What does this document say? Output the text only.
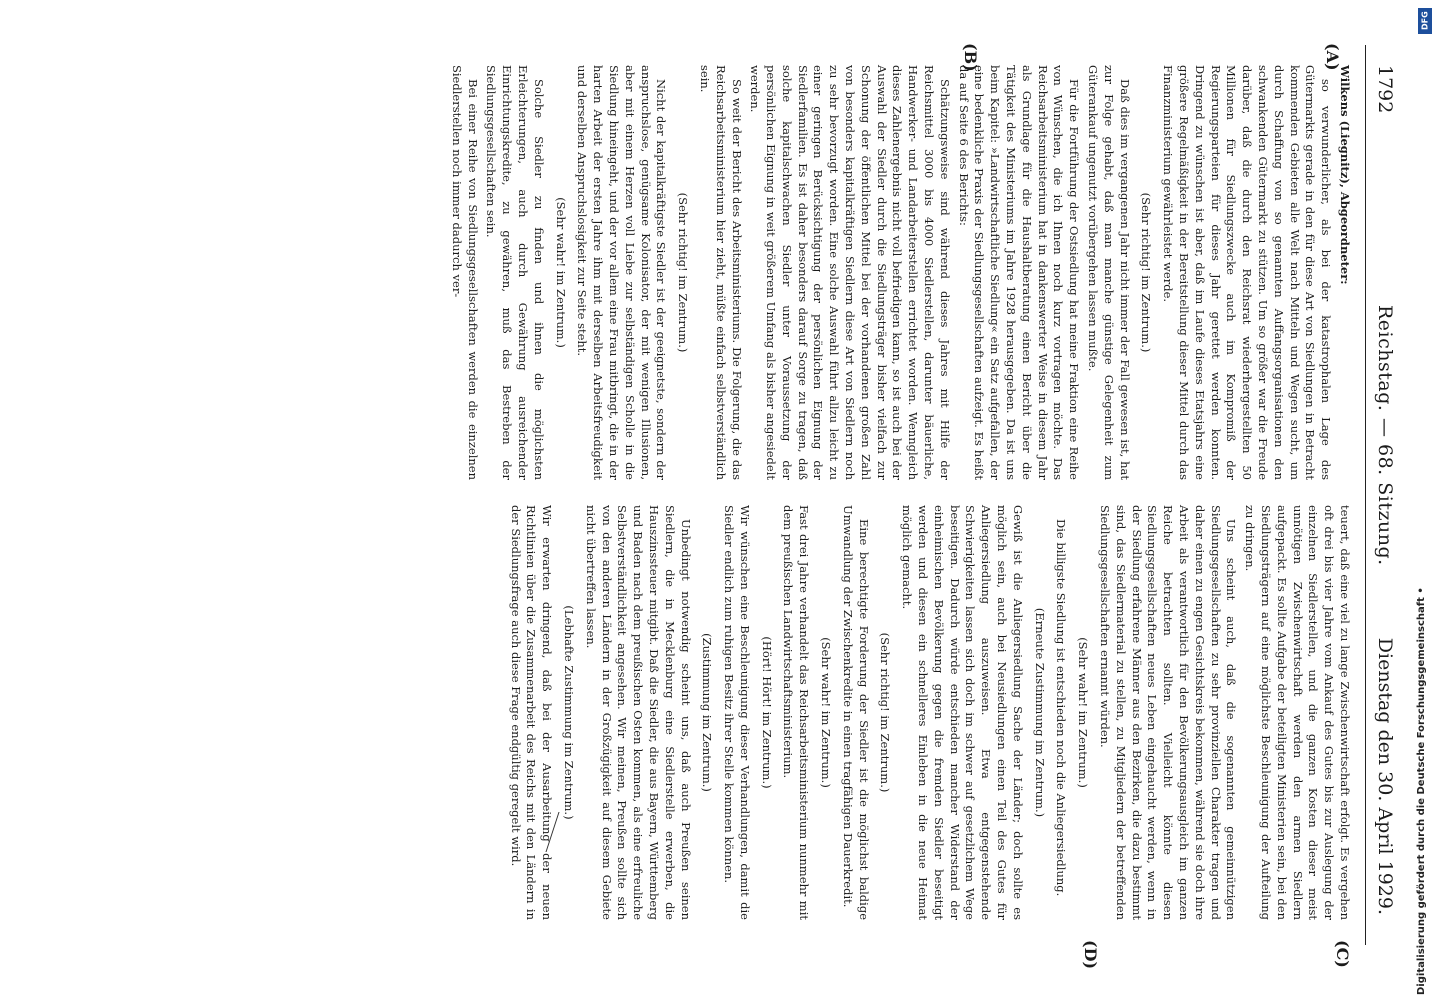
1792
Reichstag. — 68. Sitzung.
Dienstag den 30. April 1929.
(A)
(B)
(C)
(D)

Wilkens (Liegnitz), Abgeordneter:

so verwunderlicher, als bei der katastrophalen Lage des Gütermarkts gerade in den für diese Art von Siedlungen in Betracht kommenden Gebieten alle Welt nach Mitteln und Wegen sucht, um durch Schaffung von so genannten Auffangsorganisationen den schwankenden Gütermarkt zu stützen. Um so größer war die Freude darüber, daß die durch den Reichsrat wiederhergestellten 50 Millionen für Siedlungszwecke auch im Kompromiß der Regierungsparteien für dieses Jahr gerettet werden konnten. Dringend zu wünschen ist aber, daß im Laufe dieses Etatsjahrs eine größere Regelmäßigkeit in der Bereitstellung dieser Mittel durch das Finanzministerium gewährleistet werde.

(Sehr richtig! im Zentrum.)

Daß dies im vergangenen Jahr nicht immer der Fall gewesen ist, hat zur Folge gehabt, daß man manche günstige Gelegenheit zum Güterankauf ungenutzt vorübergehen lassen mußte.

Für die Fortführung der Ostsiedlung hat meine Fraktion eine Reihe von Wünschen, die ich Ihnen noch kurz vortragen möchte. Das Reichsarbeitsministerium hat in dankenswerter Weise in diesem Jahr als Grundlage für die Haushaltberatung einen Bericht über die Tätigkeit des Ministeriums im Jahre 1928 herausgegeben. Da ist uns beim Kapitel: »Landwirtschaftliche Siedlung« ein Satz aufgefallen, der eine bedenkliche Praxis der Siedlungsgesellschaften aufzeigt. Es heißt da auf Seite 6 des Berichts:

Schätzungsweise sind während dieses Jahres mit Hilfe der Reichsmittel 3000 bis 4000 Siedlerstellen, darunter bäuerliche, Handwerker- und Landarbeiterstellen errichtet worden. Wenngleich dieses Zahlenergebnis nicht voll befriedigen kann, so ist auch bei der Auswahl der Siedler durch die Siedlungsträger bisher vielfach zur Schonung der öffentlichen Mittel bei der vorhandenen großen Zahl von besonders kapitalkräftigen Siedlern diese Art von Siedlern noch zu sehr bevorzugt worden. Eine solche Auswahl führt allzu leicht zu einer geringen Berücksichtigung der persönlichen Eignung der Siedlerfamilien. Es ist daher besonders darauf Sorge zu tragen, daß solche kapitalschwachen Siedler unter Voraussetzung der persönlichen Eignung in weit größerem Umfang als bisher angesiedelt werden.

So weit der Bericht des Arbeitsministeriums. Die Folgerung, die das Reichsarbeitsministerium hier zieht, müßte einfach selbstverständlich sein.

(Sehr richtig! im Zentrum.)

Nicht der kapitalkräftigste Siedler ist der geeignetste, sondern der anspruchslose, genügsame Kolonisator, der mit wenigen Illusionen, aber mit einem Herzen voll Liebe zur selbständigen Scholle in die Siedlung hineingeht, und der vor allem eine Frau mitbringt, die in der harten Arbeit der ersten Jahre ihm mit derselben Arbeitsfreudigkeit und derselben Anspruchslosigkeit zur Seite steht.

(Sehr wahr! im Zentrum.)

Solche Siedler zu finden und ihnen die möglichsten Erleichterungen, auch durch Gewährung ausreichender Einrichtungskredite, zu gewähren, muß das Bestreben der Siedlungsgesellschaften sein.

Bei einer Reihe von Siedlungsgesellschaften werden die einzelnen Siedlerstellen noch immer dadurch ver-

teuert, daß eine viel zu lange Zwischenwirtschaft erfolgt. Es vergehen oft drei bis vier Jahre vom Ankauf des Gutes bis zur Auslegung der einzelnen Siedlerstellen, und die ganzen Kosten dieser meist unnötigen Zwischenwirtschaft werden den armen Siedlern aufgepackt. Es sollte Aufgabe der beteiligten Ministerien sein, bei den Siedlungsträgern auf eine möglichste Beschleunigung der Aufteilung zu dringen.

Uns scheint auch, daß die sogenannten gemeinnützigen Siedlungsgesellschaften zu sehr provinziellen Charakter tragen und daher einen zu engen Gesichtskreis bekommen, während sie doch ihre Arbeit als verantwortlich für den Bevölkerungsausgleich im ganzen Reiche betrachten sollten. Vielleicht könnte diesen Siedlungsgesellschaften neues Leben eingehaucht werden, wenn in der Siedlung erfahrene Männer aus den Bezirken, die dazu bestimmt sind, das Siedlermaterial zu stellen, zu Mitgliedern der betreffenden Siedlungsgesellschaften ernannt würden.

(Sehr wahr! im Zentrum.)

Die billigste Siedlung ist entschieden noch die Anliegersiedlung.

(Erneute Zustimmung im Zentrum.)

Gewiß ist die Anliegersiedlung Sache der Länder; doch sollte es möglich sein, auch bei Neusiedlungen einen Teil des Gutes für Anliegersiedlung auszuweisen. Etwa entgegenstehende Schwierigkeiten lassen sich doch im schwer auf gesetzlichem Wege beseitigen. Dadurch würde entschieden mancher Widerstand der einheimischen Bevölkerung gegen die fremden Siedler beseitigt werden und diesen ein schnelleres Einleben in die neue Heimat möglich gemacht.

(Sehr richtig! im Zentrum.)

Eine berechtigte Forderung der Siedler ist die möglichst baldige Umwandlung der Zwischenkredite in einen tragfähigen Dauerkredit.

(Sehr wahr! im Zentrum.)

Fast drei Jahre verhandelt das Reichsarbeitsministerium nunmehr mit dem preußischen Landwirtschaftsministerium.

(Hört! Hört! im Zentrum.)

Wir wünschen eine Beschleunigung dieser Verhandlungen, damit die Siedler endlich zum ruhigen Besitz ihrer Stelle kommen können.

(Zustimmung im Zentrum.)

Unbedingt notwendig scheint uns, daß auch Preußen seinen Siedlern, die in Mecklenburg eine Siedlerstelle erwerben, die Hauszinssteuer mitgibt. Daß die Siedler, die aus Bayern, Württemberg und Baden nach dem preußischen Osten kommen, als eine erfreuliche Selbstverständlichkeit angesehen. Wir meinen, Preußen sollte sich von den anderen Ländern in der Großzügigkeit auf diesem Gebiete nicht übertreffen lassen.

(Lebhafte Zustimmung im Zentrum.)

Wir erwarten dringend, daß bei der Ausarbeitung der neuen Richtlinien über die Zusammenarbeit des Reichs mit den Ländern in der Siedlungsfrage auch diese Frage endgültig geregelt wird.

DFG
Digitalisierung gefördert durch die Deutsche Forschungsgemeinschaft •
